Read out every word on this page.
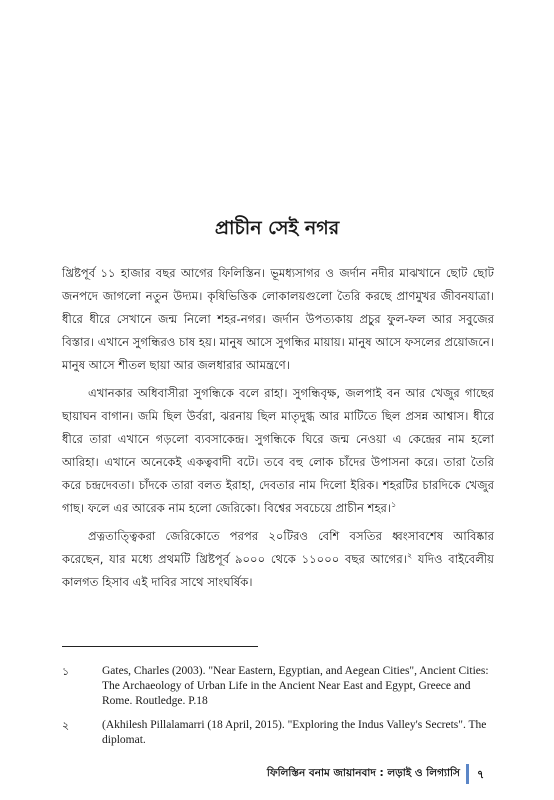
প্রাচীন সেই নগর

খ্রিষ্টপূর্ব ১১ হাজার বছর আগের ফিলিস্তিন। ভূমধ্যসাগর ও জর্দান নদীর মাঝখানে ছোট ছোট জনপদে জাগলো নতুন উদ্যম। কৃষিভিত্তিক লোকালয়গুলো তৈরি করছে প্রাণমুখর জীবনযাত্রা। ধীরে ধীরে সেখানে জন্ম নিলো শহর-নগর। জর্দান উপত্যকায় প্রচুর ফুল-ফল আর সবুজের বিস্তার। এখানে সুগন্ধিরও চাষ হয়। মানুষ আসে সুগন্ধির মায়ায়। মানুষ আসে ফসলের প্রয়োজনে। মানুষ আসে শীতল ছায়া আর জলধারার আমন্ত্রণে।

এখানকার অধিবাসীরা সুগন্ধিকে বলে রাহা। সুগন্ধিবৃক্ষ, জলপাই বন আর খেজুর গাছের ছায়াঘন বাগান। জমি ছিল উর্বরা, ঝরনায় ছিল মাতৃদুগ্ধ আর মাটিতে ছিল প্রসন্ন আশ্বাস। ধীরে ধীরে তারা এখানে গড়লো ব্যবসাকেন্দ্র। সুগন্ধিকে ঘিরে জন্ম নেওয়া এ কেন্দ্রের নাম হলো আরিহা। এখানে অনেকেই একত্ববাদী বটে। তবে বহু লোক চাঁদের উপাসনা করে। তারা তৈরি করে চন্দ্রদেবতা। চাঁদকে তারা বলত ইরাহা, দেবতার নাম দিলো ইরিক। শহরটির চারদিকে খেজুর গাছ। ফলে এর আরেক নাম হলো জেরিকো। বিশ্বের সবচেয়ে প্রাচীন শহর।$^১$

প্রত্নতাত্ত্বিকরা জেরিকোতে পরপর ২০টিরও বেশি বসতির ধ্বংসাবশেষ আবিষ্কার করেছেন, যার মধ্যে প্রথমটি খ্রিষ্টপূর্ব ৯০০০ থেকে ১১০০০ বছর আগের।$^২$ যদিও বাইবেলীয় কালগত হিসাব এই দাবির সাথে সাংঘর্ষিক।

১	Gates, Charles (2003). "Near Eastern, Egyptian, and Aegean Cities", Ancient Cities: The Archaeology of Urban Life in the Ancient Near East and Egypt, Greece and Rome. Routledge. P.18
২	(Akhilesh Pillalamarri (18 April, 2015). "Exploring the Indus Valley's Secrets". The diplomat.
ফিলিস্তিন বনাম জায়ানবাদ : লড়াই ও লিগ্যাসি ৭
